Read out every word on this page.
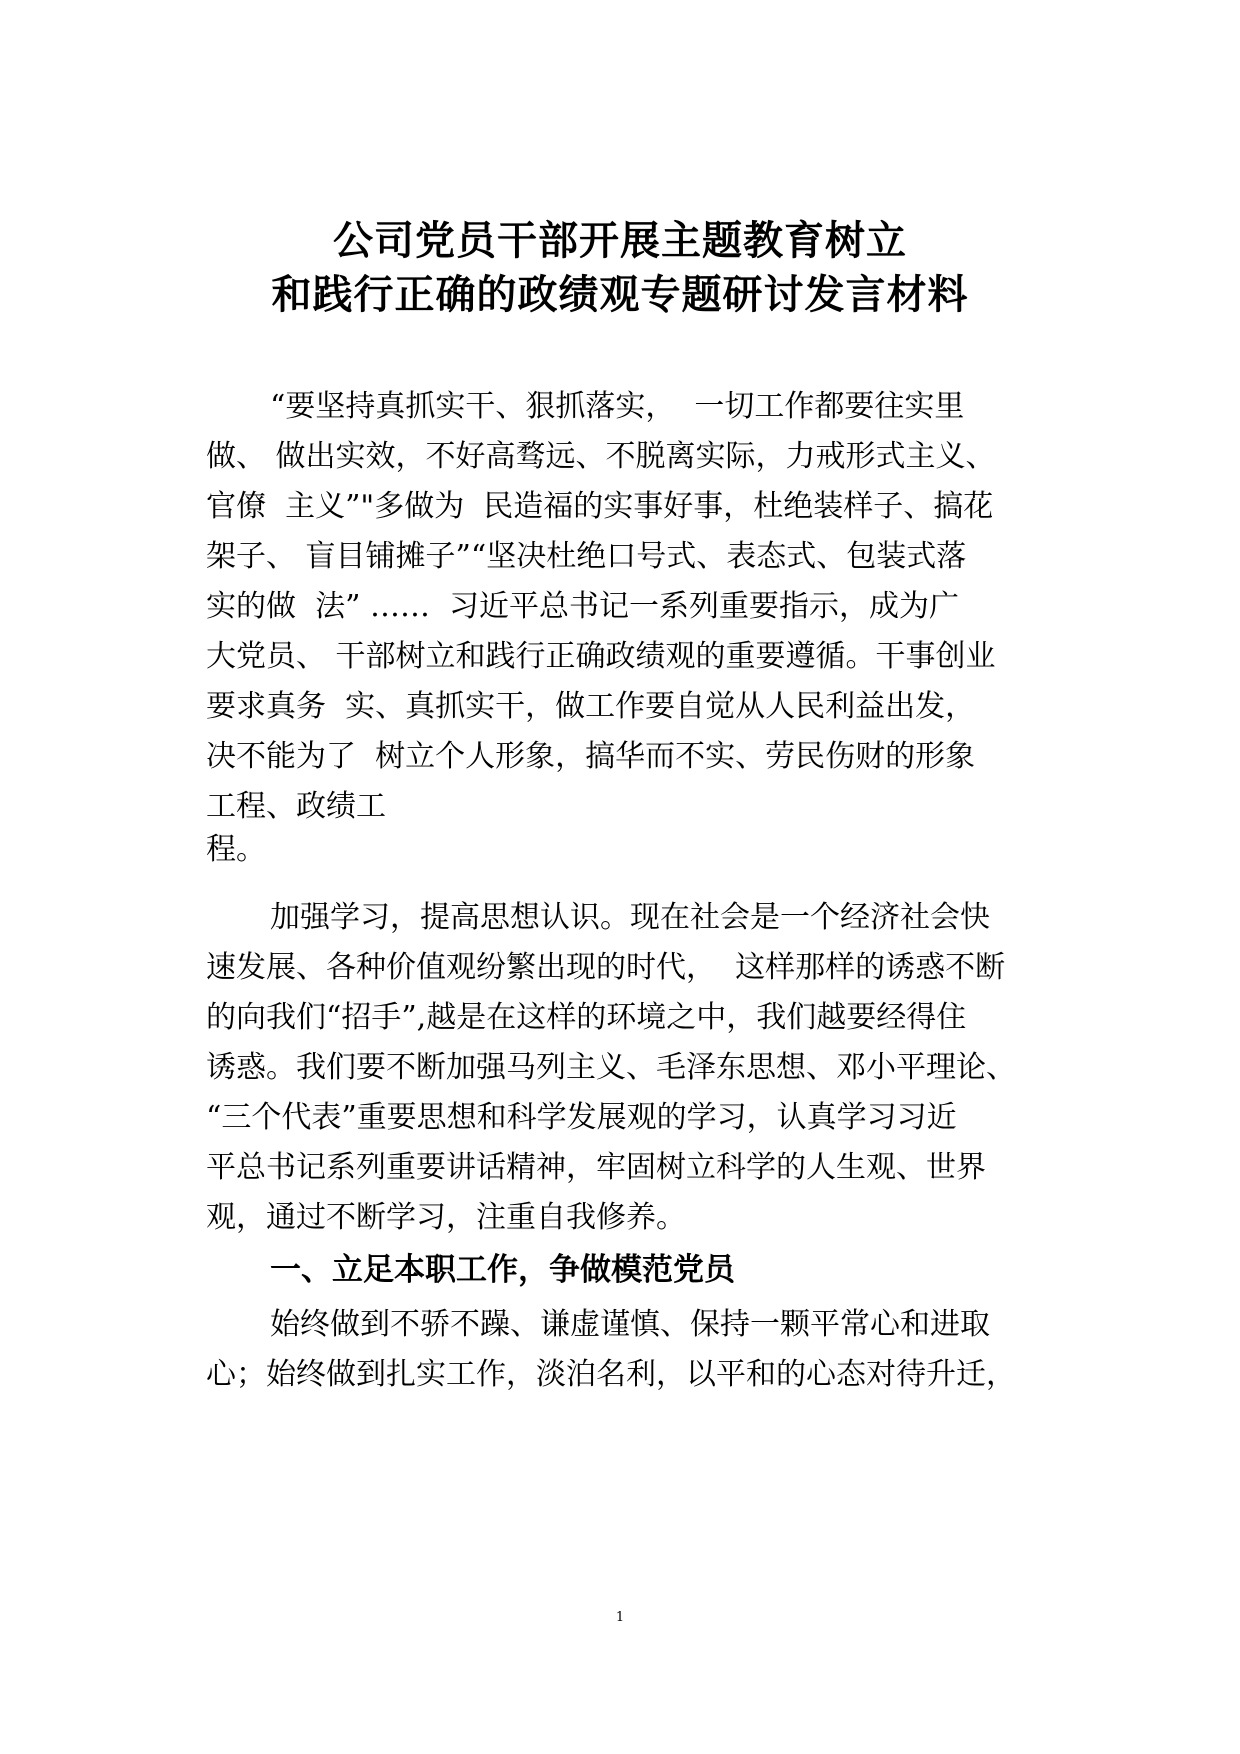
公司党员干部开展主题教育树立
和践行正确的政绩观专题研讨发言材料
“要坚持真抓实干、狠抓落实，  一切工作都要往实里
做、 做出实效，不好高骛远、不脱离实际，力戒形式主义、
官僚  主义”"多做为  民造福的实事好事，杜绝装样子、搞花
架子、 盲目铺摊子”“坚决杜绝口号式、表态式、包装式落
实的做  法” ……  习近平总书记一系列重要指示，成为广
大党员、 干部树立和践行正确政绩观的重要遵循。干事创业
要求真务  实、真抓实干，做工作要自觉从人民利益出发，
决不能为了  树立个人形象，搞华而不实、劳民伤财的形象
工程、政绩工
程。
加强学习，提高思想认识。现在社会是一个经济社会快
速发展、各种价值观纷繁出现的时代，  这样那样的诱惑不断
的向我们“招手”,越是在这样的环境之中，我们越要经得住
诱惑。我们要不断加强马列主义、毛泽东思想、邓小平理论、
“三个代表”重要思想和科学发展观的学习，认真学习习近
平总书记系列重要讲话精神，牢固树立科学的人生观、世界
观，通过不断学习，注重自我修养。
一、立足本职工作，争做模范党员
始终做到不骄不躁、谦虚谨慎、保持一颗平常心和进取
心；始终做到扎实工作，淡泊名利，以平和的心态对待升迁，
1
